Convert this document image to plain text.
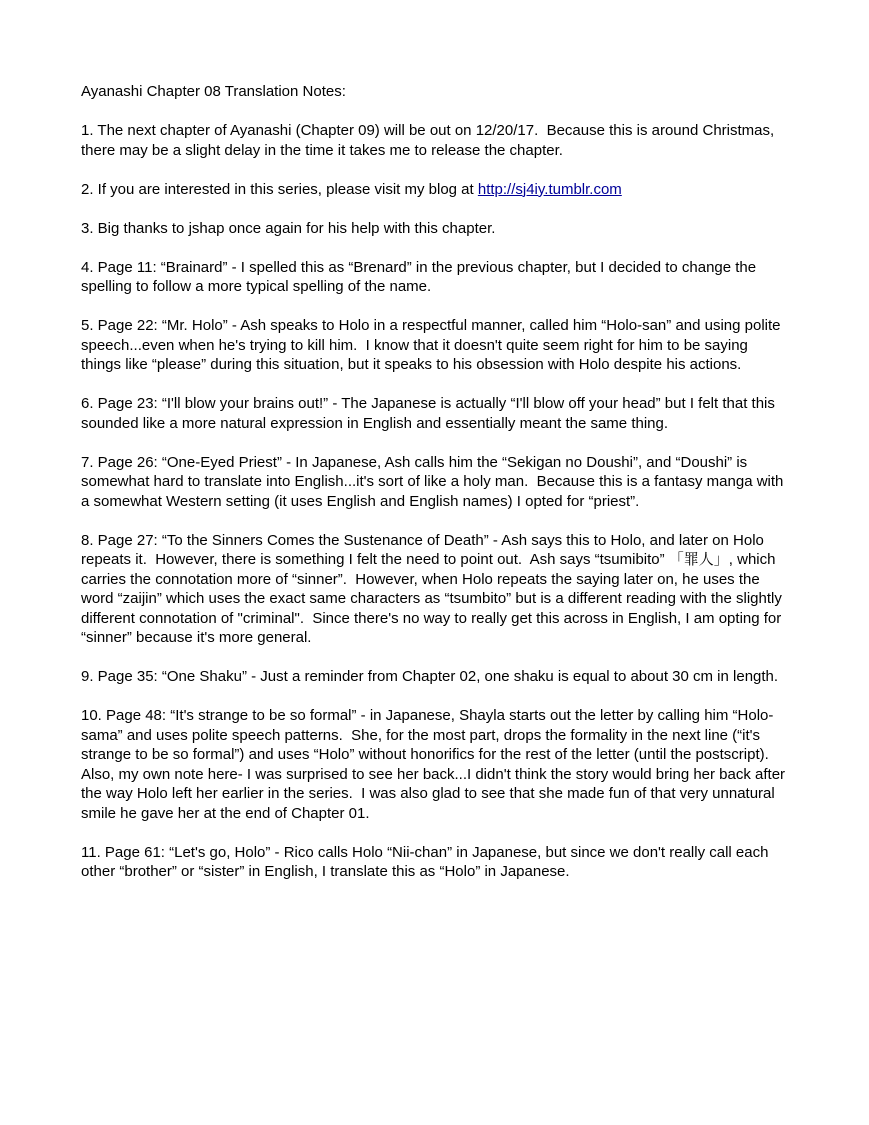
Ayanashi Chapter 08 Translation Notes:

1. The next chapter of Ayanashi (Chapter 09) will be out on 12/20/17.  Because this is around Christmas, there may be a slight delay in the time it takes me to release the chapter.

2. If you are interested in this series, please visit my blog at http://sj4iy.tumblr.com

3. Big thanks to jshap once again for his help with this chapter.

4. Page 11: “Brainard” - I spelled this as “Brenard” in the previous chapter, but I decided to change the spelling to follow a more typical spelling of the name.

5. Page 22: “Mr. Holo” - Ash speaks to Holo in a respectful manner, called him “Holo-san” and using polite speech...even when he's trying to kill him.  I know that it doesn't quite seem right for him to be saying things like “please” during this situation, but it speaks to his obsession with Holo despite his actions.

6. Page 23: “I'll blow your brains out!” - The Japanese is actually “I'll blow off your head” but I felt that this sounded like a more natural expression in English and essentially meant the same thing.

7. Page 26: “One-Eyed Priest” - In Japanese, Ash calls him the “Sekigan no Doushi”, and “Doushi” is somewhat hard to translate into English...it's sort of like a holy man.  Because this is a fantasy manga with a somewhat Western setting (it uses English and English names) I opted for “priest”.

8. Page 27: “To the Sinners Comes the Sustenance of Death” - Ash says this to Holo, and later on Holo repeats it.  However, there is something I felt the need to point out.  Ash says “tsumibito” 「罪人」, which carries the connotation more of “sinner”.  However, when Holo repeats the saying later on, he uses the word “zaijin” which uses the exact same characters as “tsumbito” but is a different reading with the slightly different connotation of "criminal".  Since there's no way to really get this across in English, I am opting for “sinner” because it's more general.

9. Page 35: “One Shaku” - Just a reminder from Chapter 02, one shaku is equal to about 30 cm in length.

10. Page 48: “It's strange to be so formal” - in Japanese, Shayla starts out the letter by calling him “Holo-sama” and uses polite speech patterns.  She, for the most part, drops the formality in the next line (“it's strange to be so formal”) and uses “Holo” without honorifics for the rest of the letter (until the postscript).  Also, my own note here- I was surprised to see her back...I didn't think the story would bring her back after the way Holo left her earlier in the series.  I was also glad to see that she made fun of that very unnatural smile he gave her at the end of Chapter 01.

11. Page 61: “Let's go, Holo” - Rico calls Holo “Nii-chan” in Japanese, but since we don't really call each other “brother” or “sister” in English, I translate this as “Holo” in Japanese.
